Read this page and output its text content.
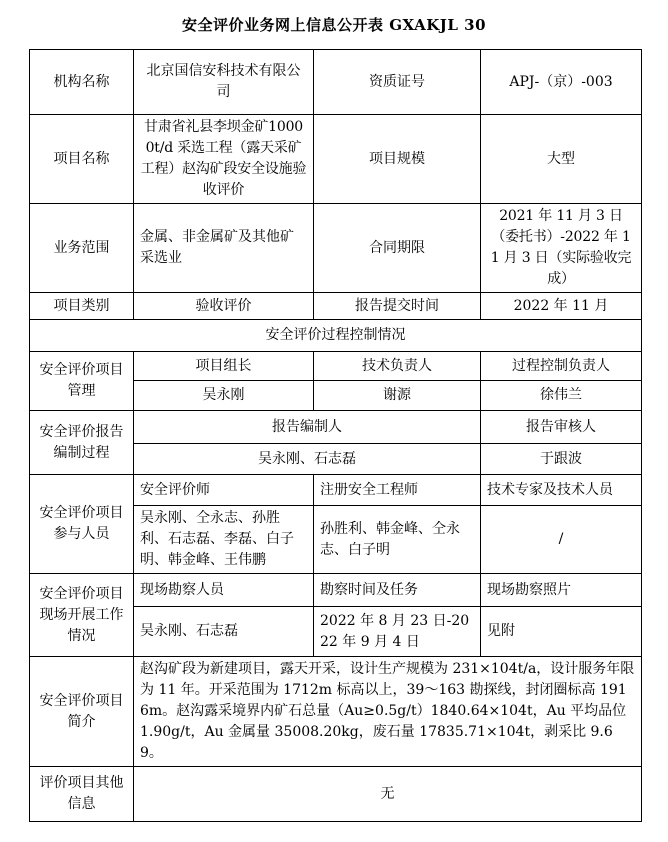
安全评价业务网上信息公开表 GXAKJL 30
机构名称	北京国信安科技术有限公司	资质证号	APJ-（京）-003
项目名称	甘肃省礼县李坝金矿10000t/d 采选工程（露天采矿工程）赵沟矿段安全设施验收评价	项目规模	大型
业务范围	金属、非金属矿及其他矿采选业	合同期限	2021 年 11 月 3 日（委托书）-2022 年 11 月 3 日（实际验收完成）
项目类别	验收评价	报告提交时间	2022 年 11 月
安全评价过程控制情况			
安全评价项目管理	项目组长	技术负责人	过程控制负责人
	吴永刚	谢源	徐伟兰
安全评价报告编制过程	报告编制人		报告审核人
	吴永刚、石志磊		于跟波
安全评价项目参与人员	安全评价师	注册安全工程师	技术专家及技术人员
	吴永刚、仝永志、孙胜利、石志磊、李磊、白子明、韩金峰、王伟鹏	孙胜利、韩金峰、仝永志、白子明	/
安全评价项目现场开展工作情况	现场勘察人员	勘察时间及任务	现场勘察照片
	吴永刚、石志磊	2022 年 8 月 23 日-2022 年 9 月 4 日	见附
安全评价项目简介	赵沟矿段为新建项目，露天开采，设计生产规模为 231×104t/a，设计服务年限为 11 年。开采范围为 1712m 标高以上，39～163 勘探线，封闭圈标高 1916m。赵沟露采境界内矿石总量（Au≥0.5g/t）1840.64×104t，Au 平均品位 1.90g/t，Au 金属量 35008.20kg，废石量 17835.71×104t，剥采比 9.69。		
评价项目其他信息	无		
